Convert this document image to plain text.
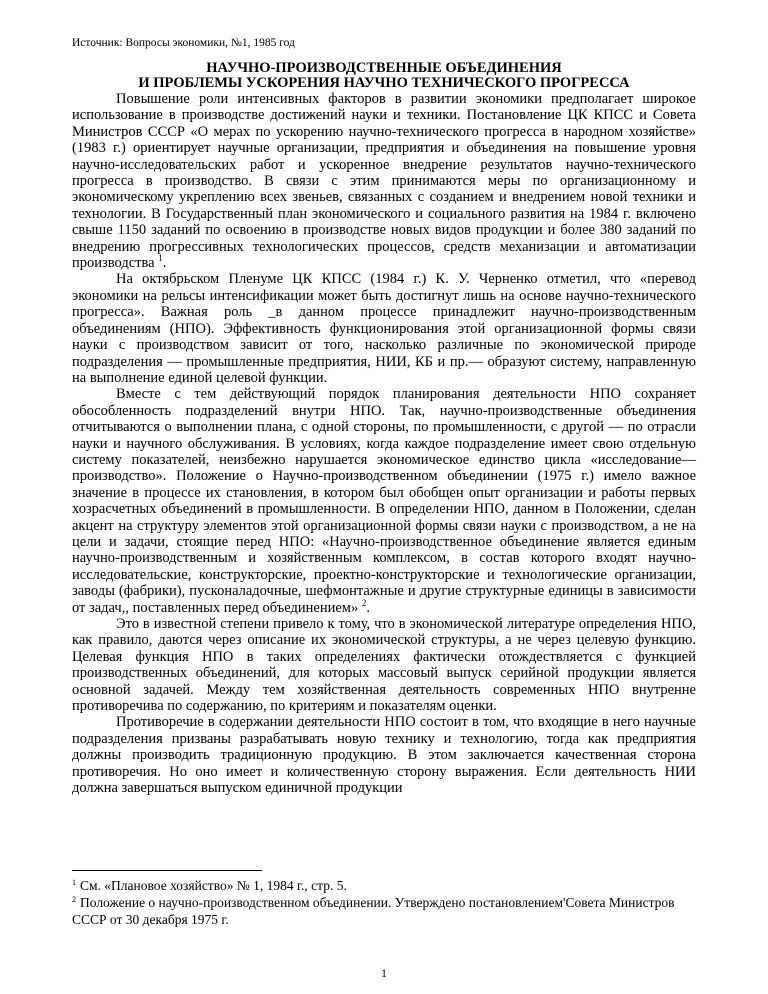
Источник: Вопросы экономики, №1, 1985 год

НАУЧНО-ПРОИЗВОДСТВЕННЫЕ ОБЪЕДИНЕНИЯ

И ПРОБЛЕМЫ УСКОРЕНИЯ НАУЧНО ТЕХНИЧЕСКОГО ПРОГРЕССА

Повышение роли интенсивных факторов в развитии экономики предполагает широкое использование в производстве достижений науки и техники. Постановление ЦК КПСС и Совета Министров СССР «О мерах по ускорению научно-технического прогресса в народном хозяйстве» (1983 г.) ориентирует научные организации, предприятия и объединения на повышение уровня научно-исследовательских работ и ускоренное внедрение результатов научно-технического прогресса в производство. В связи с этим принимаются меры по организационному и экономическому укреплению всех звеньев, связанных с созданием и внедрением новой техники и технологии. В Государственный план экономического и социального развития на 1984 г. включено свыше 1150 заданий по освоению в производстве новых видов продукции и более 380 заданий по внедрению прогрессивных технологических процессов, средств механизации и автоматизации производства $^1$.

На октябрьском Пленуме ЦК КПСС (1984 г.) К. У. Черненко отметил, что «перевод экономики на рельсы интенсификации может быть достигнут лишь на основе научно-технического прогресса». Важная роль _в данном процессе принадлежит научно-производственным объединениям (НПО). Эффективность функционирования этой организационной формы связи науки с производством зависит от того, насколько различные по экономической природе подразделения — промышленные предприятия, НИИ, КБ и пр.— образуют систему, направленную на выполнение единой целевой функции.

Вместе с тем действующий порядок планирования деятельности НПО сохраняет обособленность подразделений внутри НПО. Так, научно-производственные объединения отчитываются о выполнении плана, с одной стороны, по промышленности, с другой — по отрасли науки и научного обслуживания. В условиях, когда каждое подразделение имеет свою отдельную систему показателей, неизбежно нарушается экономическое единство цикла «исследование—производство». Положение о Научно-производственном объединении (1975 г.) имело важное значение в процессе их становления, в котором был обобщен опыт организации и работы первых хозрасчетных объединений в промышленности. В определении НПО, данном в Положении, сделан акцент на структуру элементов этой организационной формы связи науки с производством, а не на цели и задачи, стоящие перед НПО: «Научно-производственное объединение является единым научно-производственным и хозяйственным комплексом, в состав которого входят научно-исследовательские, конструкторские, проектно-конструкторские и технологические организации, заводы (фабрики), пусконаладочные, шефмонтажные и другие структурные единицы в зависимости от задач,, поставленных перед объединением» $^2$.

Это в известной степени привело к тому, что в экономической литературе определения НПО, как правило, даются через описание их экономической структуры, а не через целевую функцию. Целевая функция НПО в таких определениях фактически отождествляется с функцией производственных объединений, для которых массовый выпуск серийной продукции является основной задачей. Между тем хозяйственная деятельность современных НПО внутренне противоречива по содержанию, по критериям и показателям оценки.

Противоречие в содержании деятельности НПО состоит в том, что входящие в него научные подразделения призваны разрабатывать новую технику и технологию, тогда как предприятия должны производить традиционную продукцию. В этом заключается качественная сторона противоречия. Но оно имеет и количественную сторону выражения. Если деятельность НИИ должна завершаться выпуском единичной продукции

$^1$ См. «Плановое хозяйство» № 1, 1984 г., стр. 5.

$^2$ Положение о научно-производственном объединении. Утверждено постановлением'Совета Министров СССР от 30 декабря 1975 г.

1
